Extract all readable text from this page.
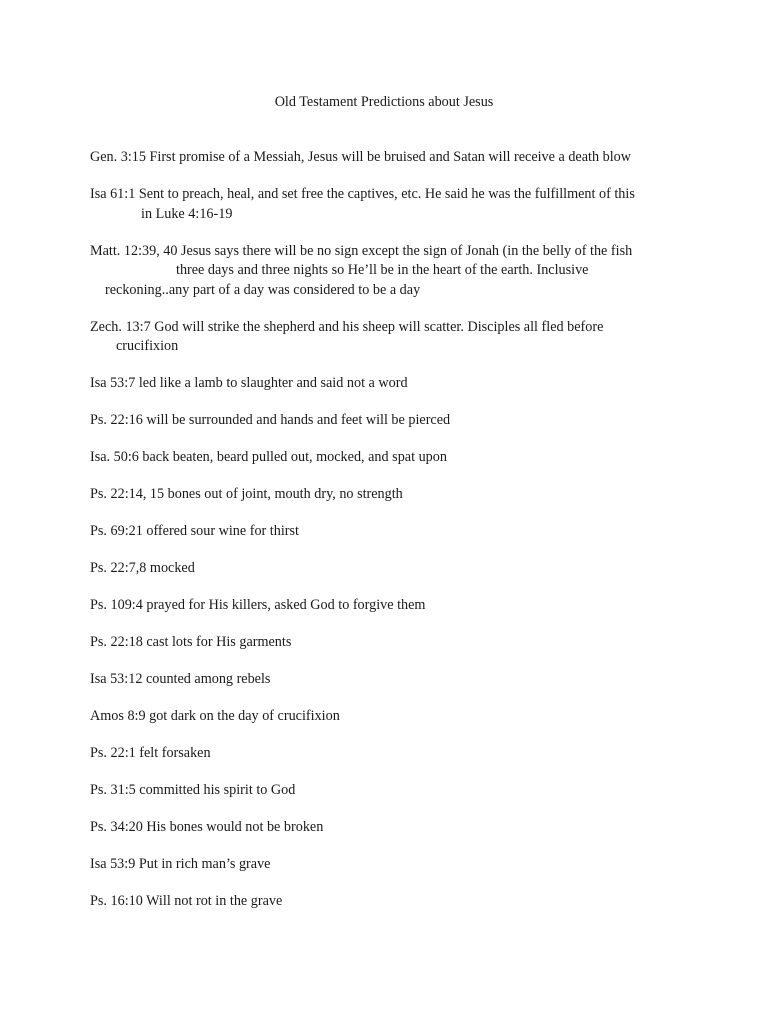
Old Testament Predictions about Jesus
Gen. 3:15 First promise of a Messiah, Jesus will be bruised and Satan will receive a death blow
Isa 61:1 Sent to preach, heal, and set free the captives, etc. He said he was the fulfillment of this
in Luke 4:16-19
Matt. 12:39, 40 Jesus says there will be no sign except the sign of Jonah (in the belly of the fish
three days and three nights so He’ll be in the heart of the earth. Inclusive
reckoning..any part of a day was considered to be a day
Zech. 13:7 God will strike the shepherd and his sheep will scatter. Disciples all fled before
crucifixion
Isa 53:7 led like a lamb to slaughter and said not a word
Ps. 22:16 will be surrounded and hands and feet will be pierced
Isa. 50:6 back beaten, beard pulled out, mocked, and spat upon
Ps. 22:14, 15 bones out of joint, mouth dry, no strength
Ps. 69:21 offered sour wine for thirst
Ps. 22:7,8 mocked
Ps. 109:4 prayed for His killers, asked God to forgive them
Ps. 22:18 cast lots for His garments
Isa 53:12 counted among rebels
Amos 8:9 got dark on the day of crucifixion
Ps. 22:1 felt forsaken
Ps. 31:5 committed his spirit to God
Ps. 34:20 His bones would not be broken
Isa 53:9 Put in rich man’s grave
Ps. 16:10 Will not rot in the grave
